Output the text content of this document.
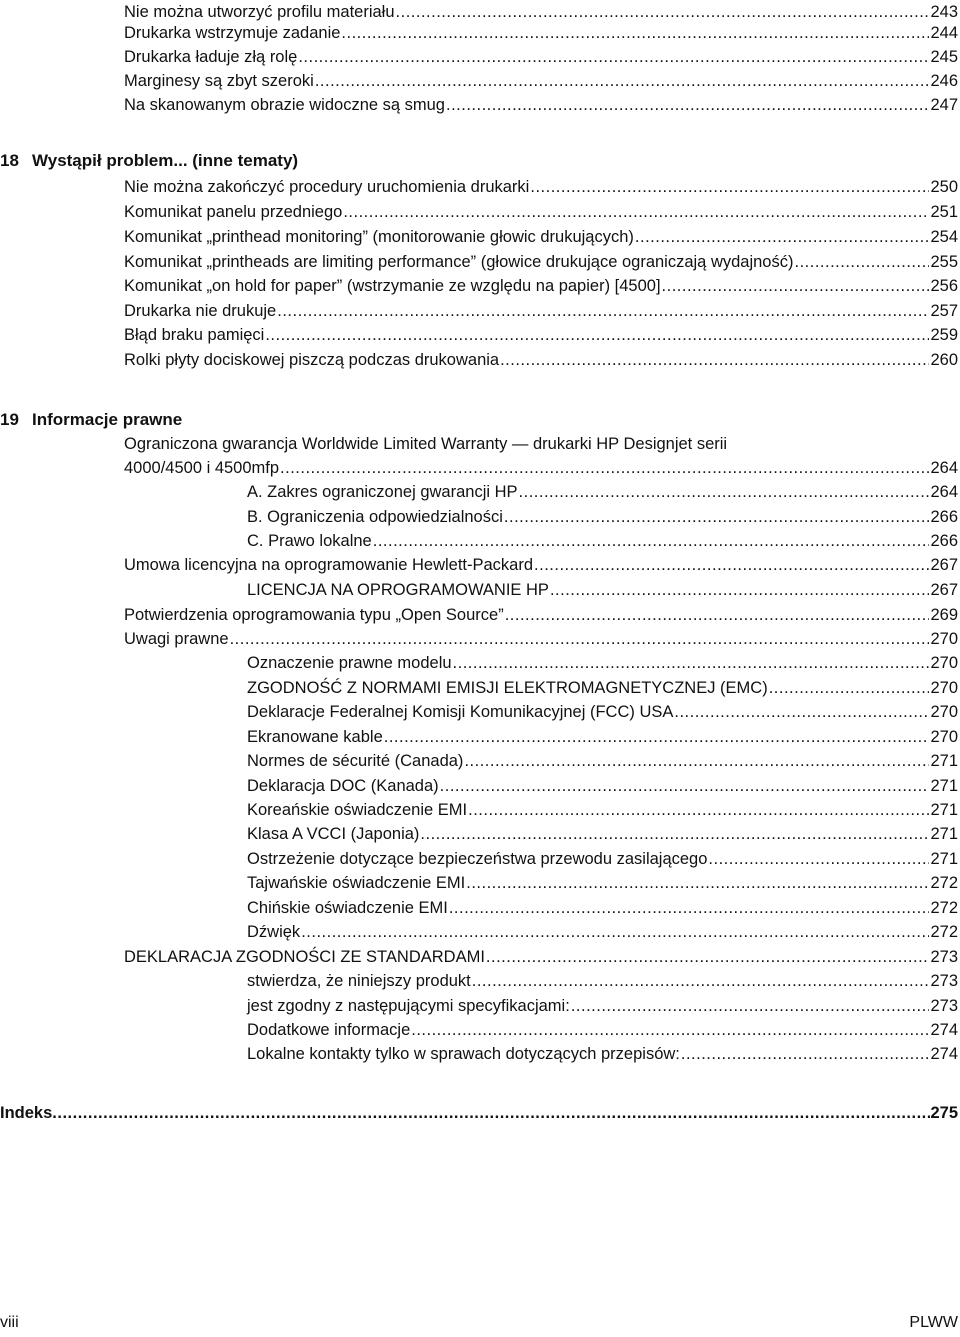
Nie można utworzyć profilu materiału .....	243
Drukarka wstrzymuje zadanie .....	244
Drukarka ładuje złą rolę .....	245
Marginesy są zbyt szeroki .....	246
Na skanowanym obrazie widoczne są smug .....	247
18 Wystąpił problem... (inne tematy)
Nie można zakończyć procedury uruchomienia drukarki .....	250
Komunikat panelu przedniego .....	251
Komunikat „printhead monitoring” (monitorowanie głowic drukujących) .....	254
Komunikat „printheads are limiting performance” (głowice drukujące ograniczają wydajność) .....	255
Komunikat „on hold for paper” (wstrzymanie ze względu na papier) [4500] .....	256
Drukarka nie drukuje .....	257
Błąd braku pamięci .....	259
Rolki płyty dociskowej piszczą podczas drukowania .....	260
19 Informacje prawne
Ograniczona gwarancja Worldwide Limited Warranty — drukarki HP Designjet serii
4000/4500 i 4500mfp .....	264
A. Zakres ograniczonej gwarancji HP .....	264
B. Ograniczenia odpowiedzialności .....	266
C. Prawo lokalne .....	266
Umowa licencyjna na oprogramowanie Hewlett-Packard .....	267
LICENCJA NA OPROGRAMOWANIE HP .....	267
Potwierdzenia oprogramowania typu „Open Source” .....	269
Uwagi prawne .....	270
Oznaczenie prawne modelu .....	270
ZGODNOŚĆ Z NORMAMI EMISJI ELEKTROMAGNETYCZNEJ (EMC) .....	270
Deklaracje Federalnej Komisji Komunikacyjnej (FCC) USA .....	270
Ekranowane kable .....	270
Normes de sécurité (Canada) .....	271
Deklaracja DOC (Kanada) .....	271
Koreańskie oświadczenie EMI .....	271
Klasa A VCCI (Japonia) .....	271
Ostrzeżenie dotyczące bezpieczeństwa przewodu zasilającego .....	271
Tajwańskie oświadczenie EMI .....	272
Chińskie oświadczenie EMI .....	272
Dźwięk .....	272
DEKLARACJA ZGODNOŚCI ZE STANDARDAMI .....	273
stwierdza, że niniejszy produkt .....	273
jest zgodny z następującymi specyfikacjami: .....	273
Dodatkowe informacje .....	274
Lokalne kontakty tylko w sprawach dotyczących przepisów: .....	274
Indeks .....	275
viii	PLWW
